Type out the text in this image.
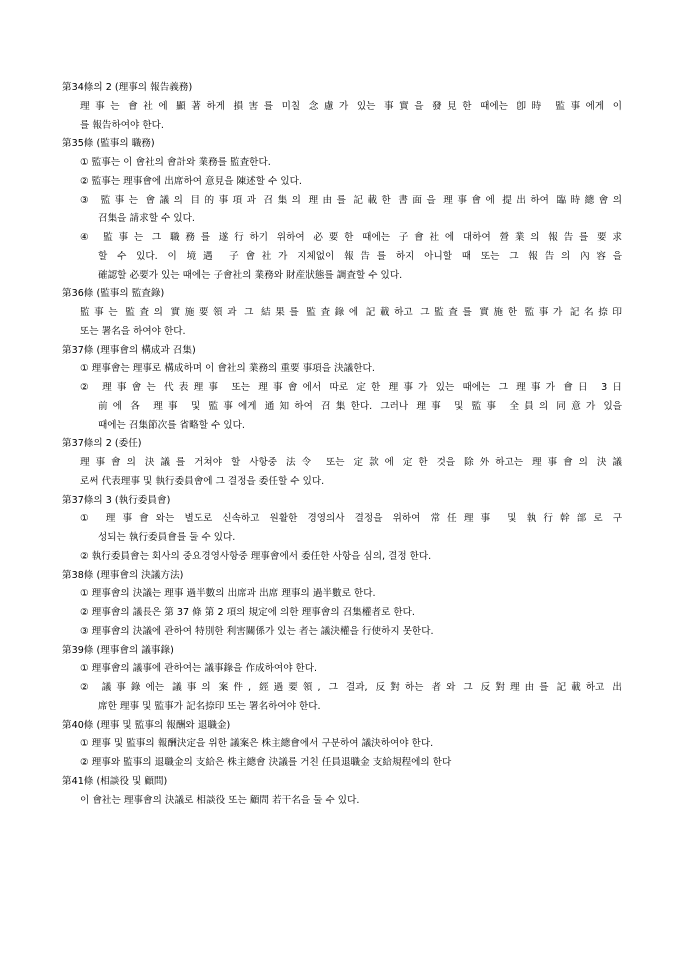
第34條의 2 (理事의 報告義務)
理事는 會社에 顯著하게 損害를 미칠 念慮가 있는 事實을 發見한 때에는 卽時 監事에게 이
를 報告하여야 한다.
第35條 (監事의 職務)
① 監事는 이 會社의 會計와 業務를 監査한다.
② 監事는 理事會에 出席하여 意見을 陳述할 수 있다.
③ 監事는 會議의 目的事項과 召集의 理由를 記載한 書面을 理事會에 提出하여 臨時總會의
召集을 請求할 수 있다.
④ 監事는 그 職務를 遂行하기 위하여 必要한 때에는 子會社에 대하여 營業의 報告를 要求
할 수 있다. 이 境遇 子會社가 지체없이 報告를 하지 아니할 때 또는 그 報告의 內容을
確認할 必要가 있는 때에는 子會社의 業務와 財産狀態를 調査할 수 있다.
第36條 (監事의 監査錄)
監事는 監査의 實施要領과 그 結果를 監査錄에 記載하고 그監査를 實施한 監事가 記名捺印
또는 署名을 하여야 한다.
第37條 (理事會의 構成과 召集)
① 理事會는 理事로 構成하며 이 會社의 業務의 重要 事項을 決議한다.
② 理事會는 代表理事 또는 理事會에서 따로 定한 理事가 있는 때에는 그 理事가 會日 3日
前에 各 理事 및 監事에게 通知하여 召集한다. 그러나 理事 및 監事 全員의 同意가 있을
때에는 召集節次를 省略할 수 있다.
第37條의 2 (委任)
理事會의 決議를 거쳐야 할 사항중 法令 또는 定款에 定한 것을 除外하고는 理事會의 決議
로써 代表理事 및 執行委員會에 그 결정을 委任할 수 있다.
第37條의 3 (執行委員會)
① 理事會와는 별도로 신속하고 원활한 경영의사 결정을 위하여 常任理事 및 執行幹部로 구
성되는 執行委員會를 둘 수 있다.
② 執行委員會는 회사의 중요경영사항중 理事會에서 委任한 사항을 심의, 결정 한다.
第38條 (理事會의 決議方法)
① 理事會의 決議는 理事 過半數의 出席과 出席 理事의 過半數로 한다.
② 理事會의 議長은 第 37 條 第 2 項의 規定에 의한 理事會의 召集權者로 한다.
③ 理事會의 決議에 관하여 特別한 利害關係가 있는 者는 議決權을 行使하지 못한다.
第39條 (理事會의 議事錄)
① 理事會의 議事에 관하여는 議事錄을 作成하여야 한다.
② 議事錄에는 議事의 案件, 經過要領, 그 결과, 反對하는 者와 그 反對理由를 記載하고 出
席한 理事 및 監事가 記名捺印 또는 署名하여야 한다.
第40條 (理事 및 監事의 報酬와 退職金)
① 理事 및 監事의 報酬決定을 위한 議案은 株主總會에서 구분하여 議決하여야 한다.
② 理事와 監事의 退職金의 支給은 株主總會 決議를 거친 任員退職金 支給規程에의 한다
第41條 (相談役 및 顧問)
이 會社는 理事會의 決議로 相談役 또는 顧問 若干名을 둘 수 있다.
